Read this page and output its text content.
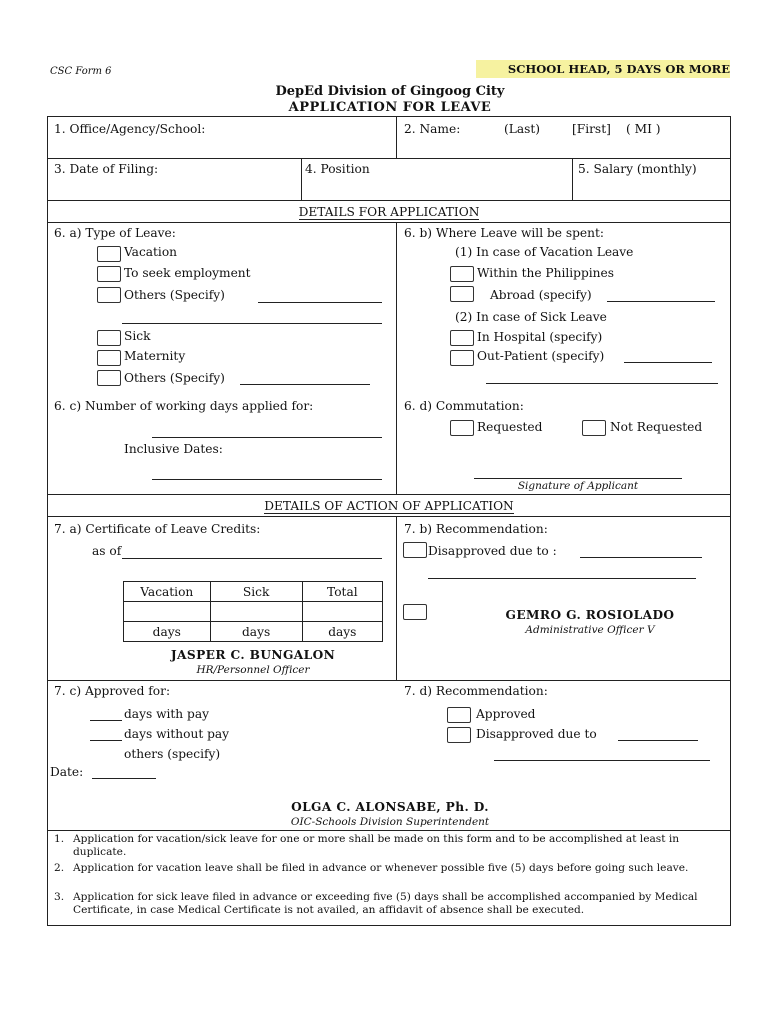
CSC Form 6	SCHOOL HEAD, 5 DAYS OR MORE
DepEd Division of Gingoog City
APPLICATION FOR LEAVE
1. Office/Agency/School:	2. Name:	(Last)	[First] ( MI )
3. Date of Filing:	4. Position	5. Salary (monthly)
DETAILS FOR APPLICATION
6. a) Type of Leave:
Vacation
To seek employment
Others (Specify)
Sick
Maternity
Others (Specify)
6. b) Where Leave will be spent:
(1) In case of Vacation Leave
Within the Philippines
Abroad (specify)
(2) In case of Sick Leave
In Hospital (specify)
Out-Patient (specify)
6. c) Number of working days applied for:
Inclusive Dates:
6. d) Commutation:
Requested	Not Requested
Signature of Applicant
DETAILS OF ACTION OF APPLICATION
7. a) Certificate of Leave Credits:
as of
Vacation	Sick	Total

days	days	days
JASPER C. BUNGALON
HR/Personnel Officer
7. b) Recommendation:
Disapproved due to :
GEMRO G. ROSIOLADO
Administrative Officer V
7. c) Approved for:
days with pay
days without pay
others (specify)
Date:
7. d) Recommendation:
Approved
Disapproved due to
OLGA C. ALONSABE, Ph. D.
OIC-Schools Division Superintendent
1. Application for vacation/sick leave for one or more shall be made on this form and to be accomplished at least in duplicate.
2. Application for vacation leave shall be filed in advance or whenever possible five (5) days before going such leave.
3. Application for sick leave filed in advance or exceeding five (5) days shall be accomplished accompanied by Medical Certificate, in case Medical Certificate is not availed, an affidavit of absence shall be executed.
